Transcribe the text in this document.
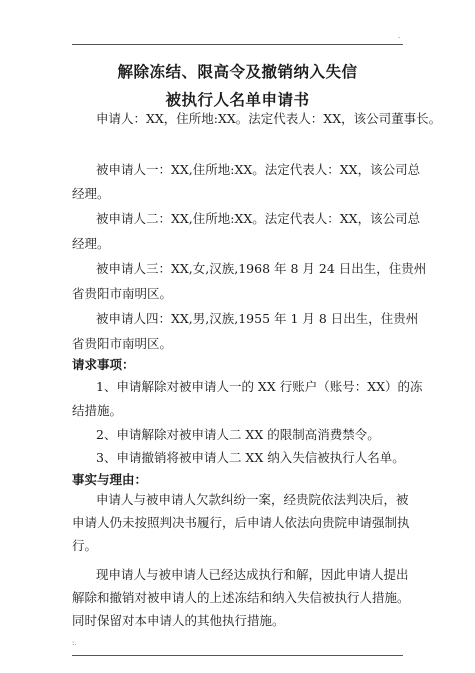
.
解除冻结、限高令及撤销纳入失信
被执行人名单申请书
申请人：XX，住所地:XX。法定代表人：XX，该公司董事长。
被申请人一：XX,住所地:XX。法定代表人：XX，该公司总
经理。
被申请人二：XX,住所地:XX。法定代表人：XX，该公司总
经理。
被申请人三：XX,女,汉族,1968 年 8 月 24 日出生，住贵州
省贵阳市南明区。
被申请人四：XX,男,汉族,1955 年 1 月 8 日出生，住贵州
省贵阳市南明区。
请求事项：
1、申请解除对被申请人一的 XX 行账户（账号：XX）的冻
结措施。
2、申请解除对被申请人二 XX 的限制高消费禁令。
3、申请撤销将被申请人二 XX 纳入失信被执行人名单。
事实与理由：
申请人与被申请人欠款纠纷一案，经贵院依法判决后，被
申请人仍未按照判决书履行，后申请人依法向贵院申请强制执
行。
现申请人与被申请人已经达成执行和解，因此申请人提出
解除和撤销对被申请人的上述冻结和纳入失信被执行人措施。
同时保留对本申请人的其他执行措施。
:.
